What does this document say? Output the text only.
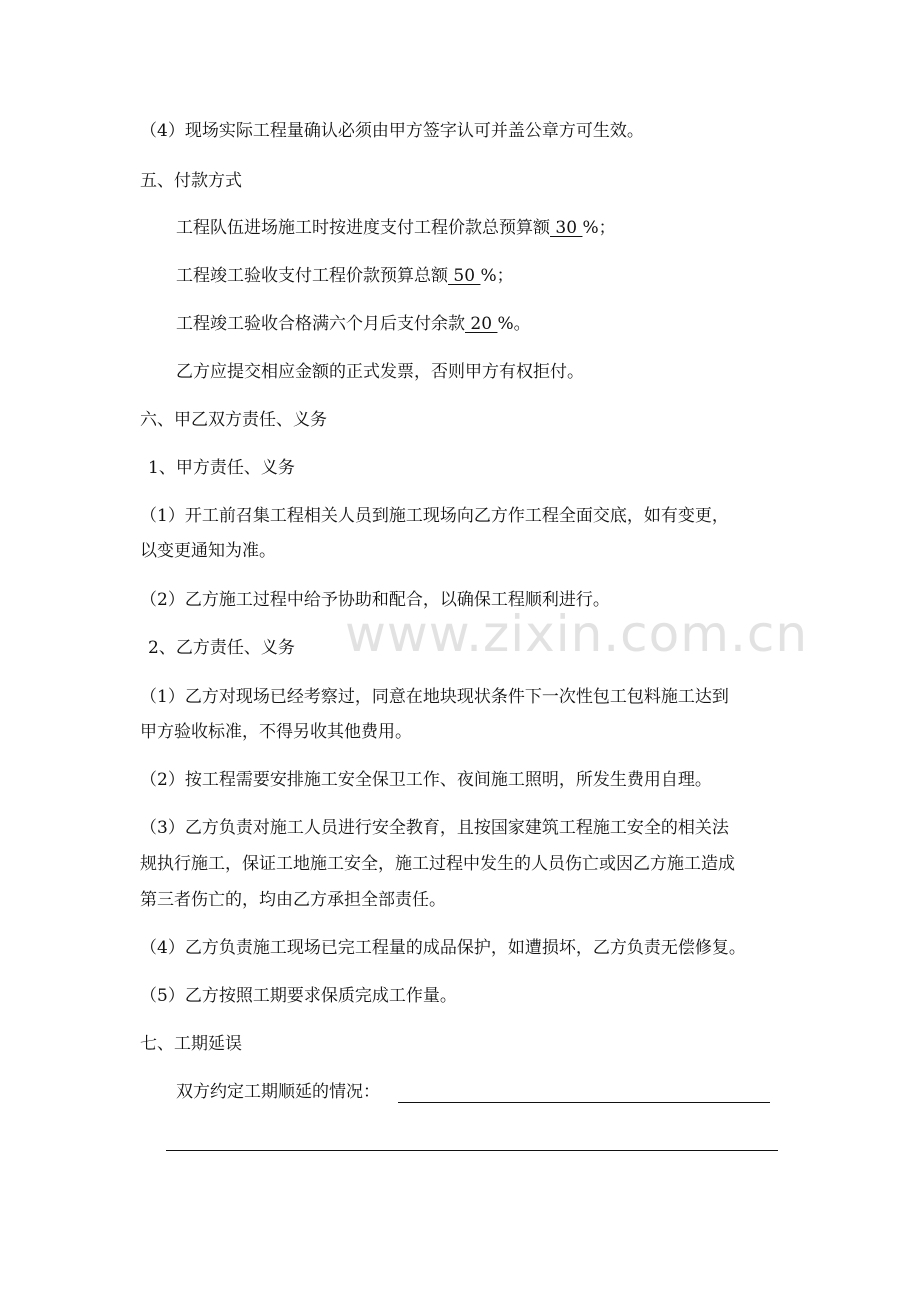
www.zixin.com.cn
（4）现场实际工程量确认必须由甲方签字认可并盖公章方可生效。
五、付款方式
工程队伍进场施工时按进度支付工程价款总预算额 30 %；
工程竣工验收支付工程价款预算总额 50 %；
工程竣工验收合格满六个月后支付余款 20 %。
乙方应提交相应金额的正式发票，否则甲方有权拒付。
六、甲乙双方责任、义务
1、甲方责任、义务
（1）开工前召集工程相关人员到施工现场向乙方作工程全面交底，如有变更，
以变更通知为准。
（2）乙方施工过程中给予协助和配合，以确保工程顺利进行。
2、乙方责任、义务
（1）乙方对现场已经考察过，同意在地块现状条件下一次性包工包料施工达到
甲方验收标准，不得另收其他费用。
（2）按工程需要安排施工安全保卫工作、夜间施工照明，所发生费用自理。
（3）乙方负责对施工人员进行安全教育，且按国家建筑工程施工安全的相关法
规执行施工，保证工地施工安全，施工过程中发生的人员伤亡或因乙方施工造成
第三者伤亡的，均由乙方承担全部责任。
（4）乙方负责施工现场已完工程量的成品保护，如遭损坏，乙方负责无偿修复。
（5）乙方按照工期要求保质完成工作量。
七、工期延误
双方约定工期顺延的情况：
